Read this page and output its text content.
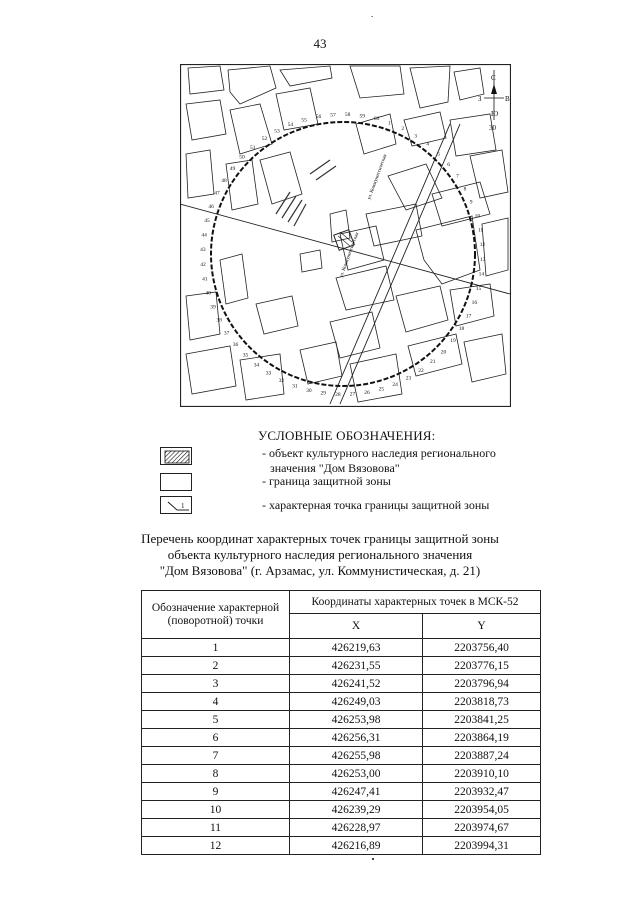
.
43
ул. Коммунистическая
ул. Коммунистическая
С
З	В
Ю
30
1
2
3
4
5
6
7
8
9
10
11
12
13
14
15
16
17
18
19
20
21
22
23
24
25
26
27
28
29
30
31
32
33
34
35
36
37
38
39
40
41
42
43
44
45
46
47
48
49
50
51
52
53
54
55
56 57 58 59 60
УСЛОВНЫЕ ОБОЗНАЧЕНИЯ:
- объект культурного наследия регионального
значения "Дом Вязовова"
- граница защитной зоны
1	- характерная точка границы защитной зоны
Перечень координат характерных точек границы защитной зоны
объекта культурного наследия регионального значения
"Дом Вязовова" (г. Арзамас, ул. Коммунистическая, д. 21)
Обозначение характерной (поворотной) точки	Координаты характерных точек в МСК-52	
	X	Y
1	426219,63	2203756,40
2	426231,55	2203776,15
3	426241,52	2203796,94
4	426249,03	2203818,73
5	426253,98	2203841,25
6	426256,31	2203864,19
7	426255,98	2203887,24
8	426253,00	2203910,10
9	426247,41	2203932,47
10	426239,29	2203954,05
11	426228,97	2203974,67
12	426216,89	2203994,31
